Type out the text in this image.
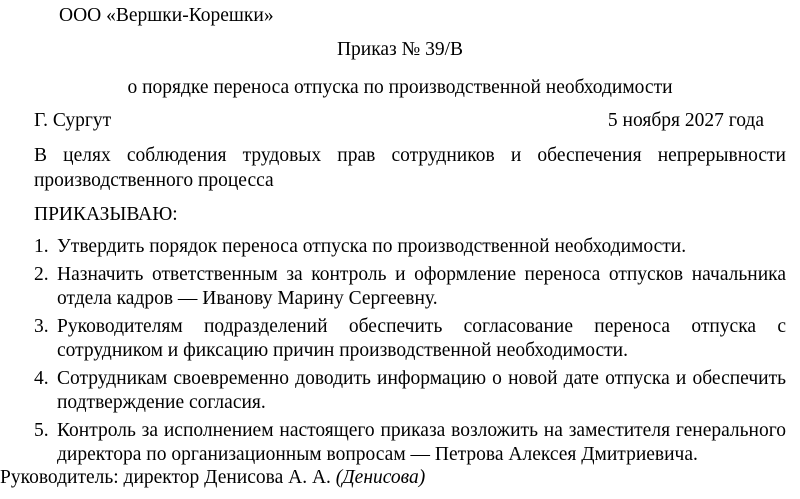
ООО «Вершки-Корешки»
Приказ № 39/В
о порядке переноса отпуска по производственной необходимости
Г. Сургут	5 ноября 2027 года
В целях соблюдения трудовых прав сотрудников и обеспечения непрерывности производственного процесса
ПРИКАЗЫВАЮ:
1. Утвердить порядок переноса отпуска по производственной необходимости.
2. Назначить ответственным за контроль и оформление переноса отпусков начальника отдела кадров — Иванову Марину Сергеевну.
3. Руководителям подразделений обеспечить согласование переноса отпуска с сотрудником и фиксацию причин производственной необходимости.
4. Сотрудникам своевременно доводить информацию о новой дате отпуска и обеспечить подтверждение согласия.
5. Контроль за исполнением настоящего приказа возложить на заместителя генерального директора по организационным вопросам — Петрова Алексея Дмитриевича.
Руководитель: директор Денисова А. А. (Денисова)
